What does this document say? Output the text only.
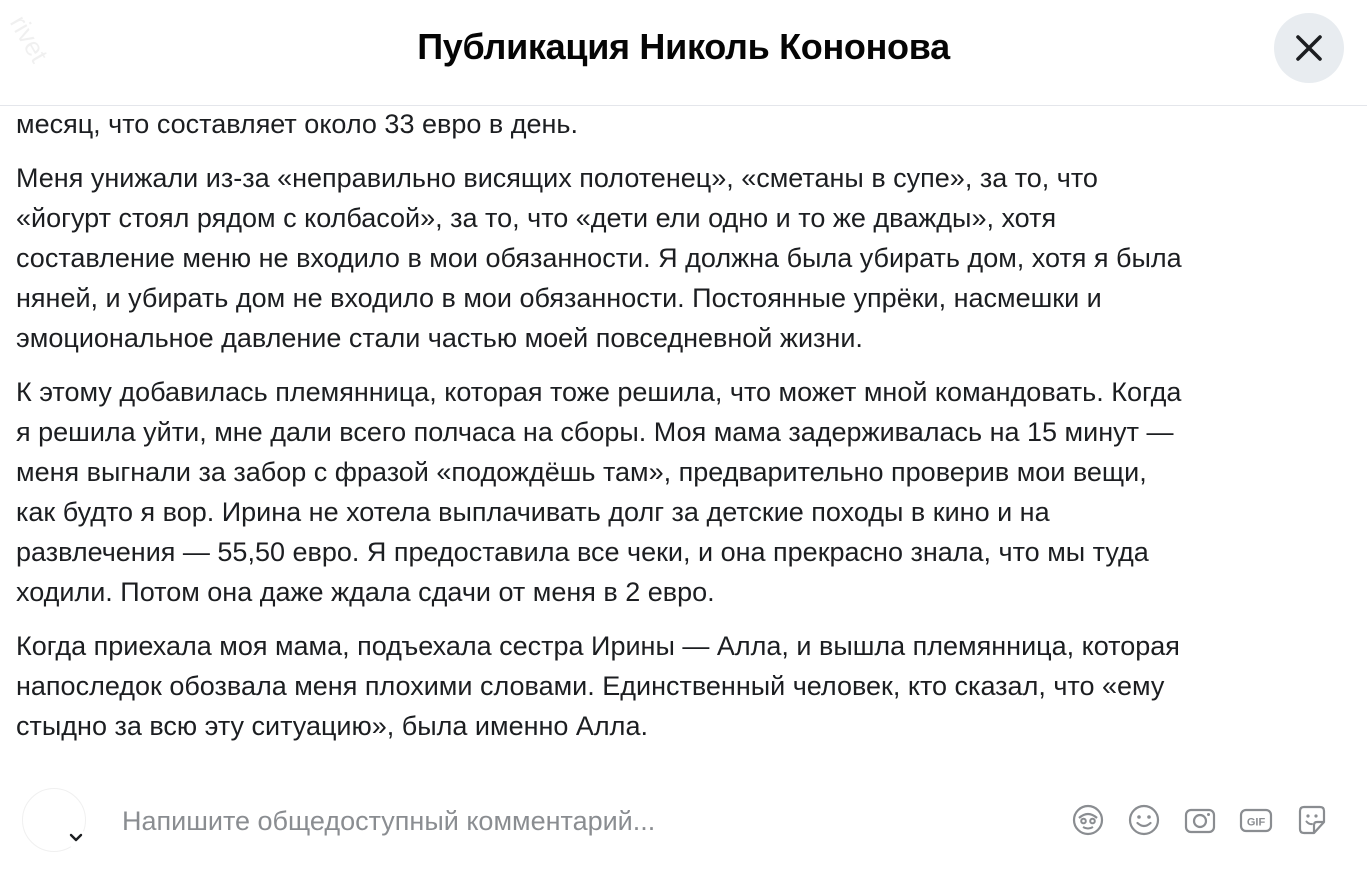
rivet	Публикация Николь Кононова

месяц, что составляет около 33 евро в день.

Меня унижали из-за «неправильно висящих полотенец», «сметаны в супе», за то, что
«йогурт стоял рядом с колбасой», за то, что «дети ели одно и то же дважды», хотя
составление меню не входило в мои обязанности. Я должна была убирать дом, хотя я была
няней, и убирать дом не входило в мои обязанности. Постоянные упрёки, насмешки и
эмоциональное давление стали частью моей повседневной жизни.

К этому добавилась племянница, которая тоже решила, что может мной командовать. Когда
я решила уйти, мне дали всего полчаса на сборы. Моя мама задерживалась на 15 минут —
меня выгнали за забор с фразой «подождёшь там», предварительно проверив мои вещи,
как будто я вор. Ирина не хотела выплачивать долг за детские походы в кино и на
развлечения — 55,50 евро. Я предоставила все чеки, и она прекрасно знала, что мы туда
ходили. Потом она даже ждала сдачи от меня в 2 евро.

Когда приехала моя мама, подъехала сестра Ирины — Алла, и вышла племянница, которая
напоследок обозвала меня плохими словами. Единственный человек, кто сказал, что «ему
стыдно за всю эту ситуацию», была именно Алла.

Напишите общедоступный комментарий...
GIF
